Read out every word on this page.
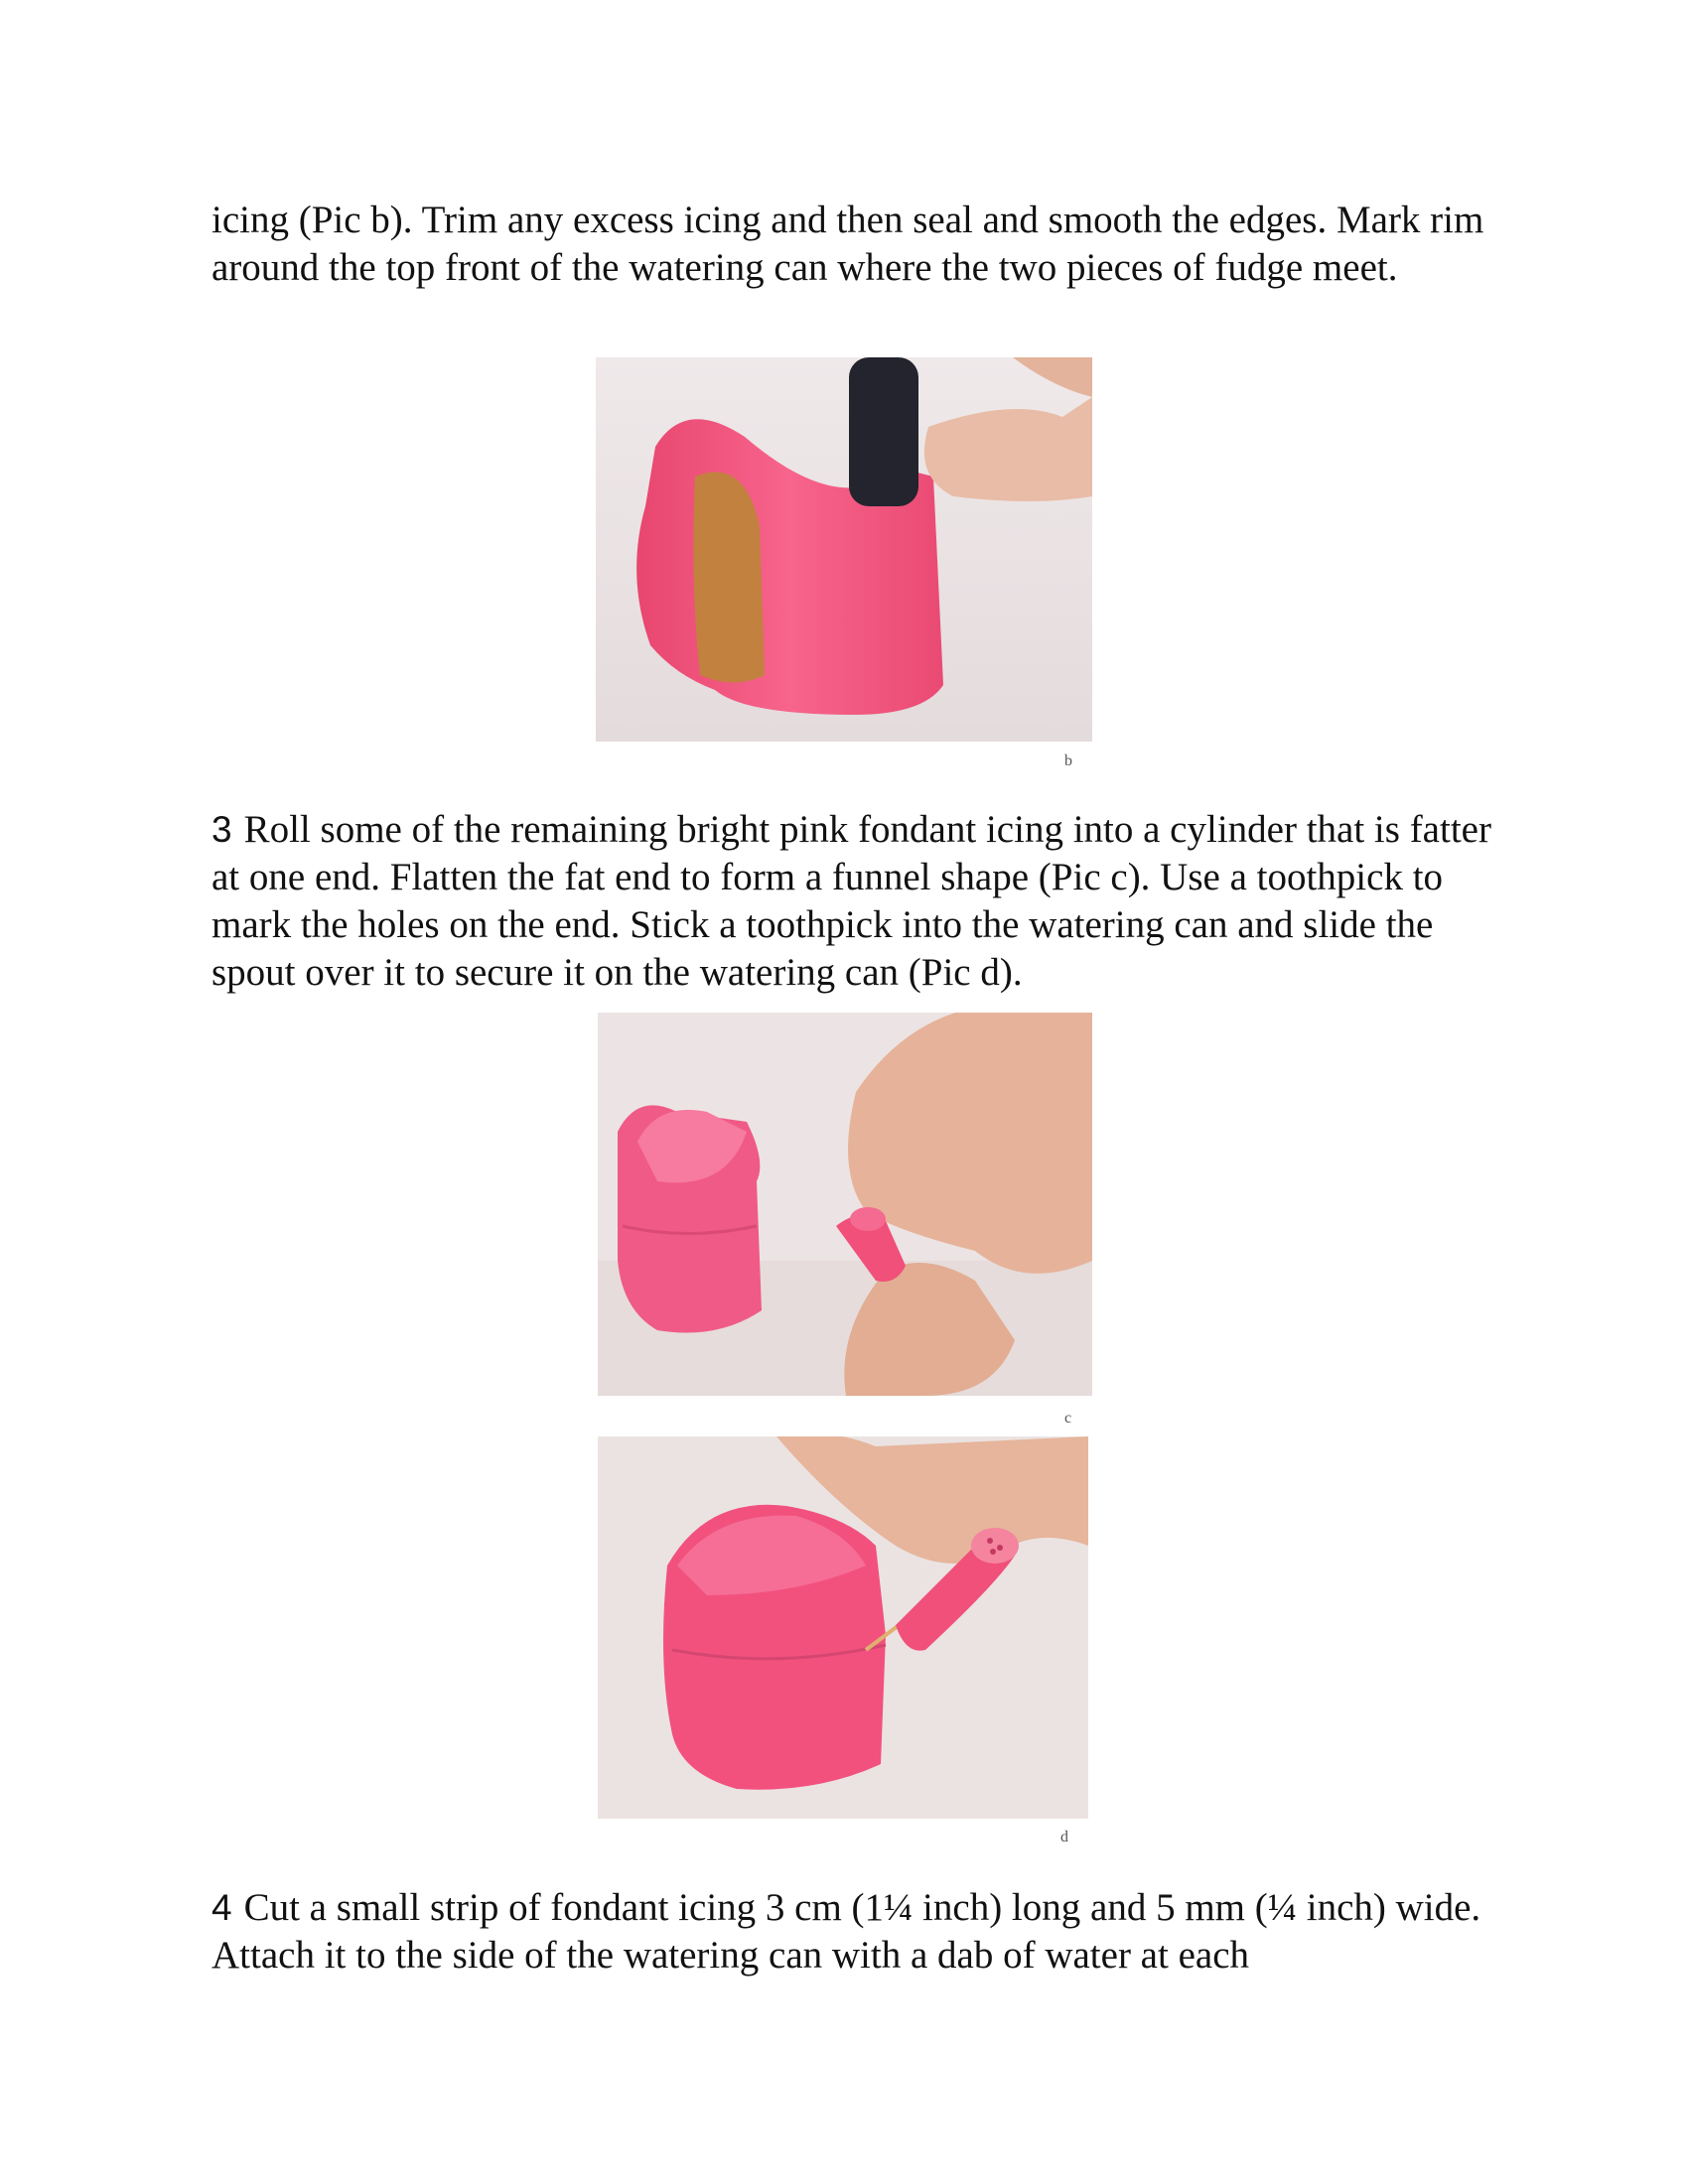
icing (Pic b). Trim any excess icing and then seal and smooth the edges. Mark rim around the top front of the watering can where the two pieces of fudge meet.
b
3 Roll some of the remaining bright pink fondant icing into a cylinder that is fatter at one end. Flatten the fat end to form a funnel shape (Pic c). Use a toothpick to mark the holes on the end. Stick a toothpick into the watering can and slide the spout over it to secure it on the watering can (Pic d).
c
d
4 Cut a small strip of fondant icing 3 cm (1¼ inch) long and 5 mm (¼ inch) wide. Attach it to the side of the watering can with a dab of water at each
